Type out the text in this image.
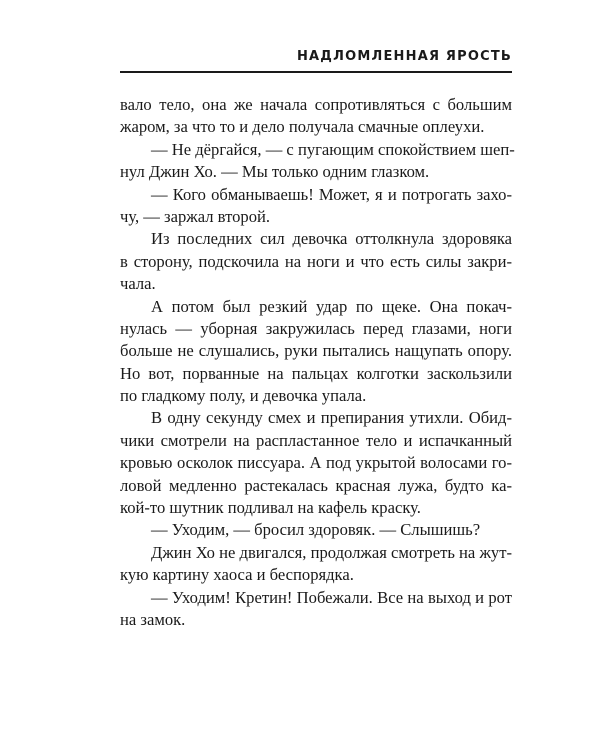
НАДЛОМЛЕННАЯ ЯРОСТЬ
вало тело, она же начала сопротивляться с большим
жаром, за что то и дело получала смачные оплеухи.
— Не дёргайся, — с пугающим спокойствием шеп-
нул Джин Хо. — Мы только одним глазком.
— Кого обманываешь! Может, я и потрогать захо-
чу, — заржал второй.
Из последних сил девочка оттолкнула здоровяка
в сторону, подскочила на ноги и что есть силы закри-
чала.
А потом был резкий удар по щеке. Она покач-
нулась — уборная закружилась перед глазами, ноги
больше не слушались, руки пытались нащупать опору.
Но вот, порванные на пальцах колготки заскользили
по гладкому полу, и девочка упала.
В одну секунду смех и препирания утихли. Обид-
чики смотрели на распластанное тело и испачканный
кровью осколок писсуара. А под укрытой волосами го-
ловой медленно растекалась красная лужа, будто ка-
кой-то шутник подливал на кафель краску.
— Уходим, — бросил здоровяк. — Слышишь?
Джин Хо не двигался, продолжая смотреть на жут-
кую картину хаоса и беспорядка.
— Уходим! Кретин! Побежали. Все на выход и рот
на замок.
